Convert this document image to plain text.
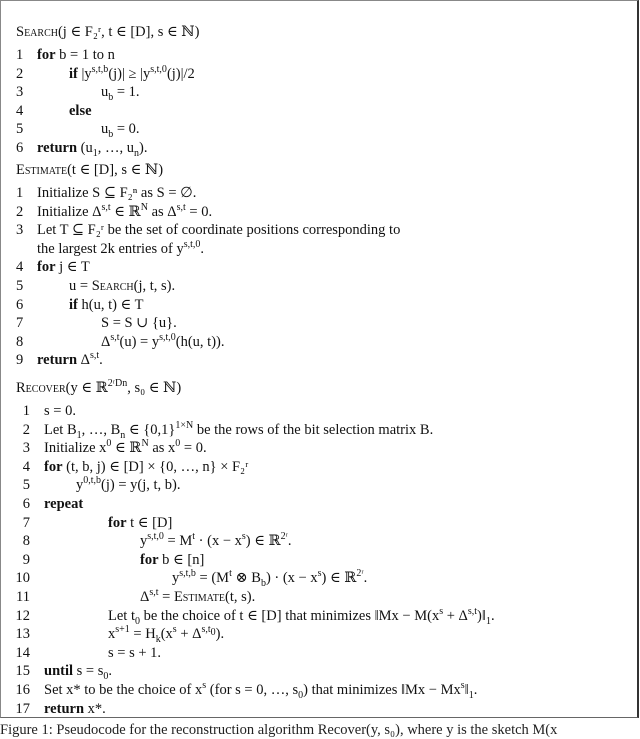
Search(j ∈ F₂ʳ, t ∈ [D], s ∈ ℕ)
1 for b = 1 to n
2	if $|y^{s,t,b}(j)| \ge |y^{s,t,0}(j)|/2$
3	$u_b = 1$.
4	else
5	$u_b = 0$.
6 return ($u_1$, …, $u_n$).
Estimate(t ∈ [D], s ∈ ℕ)
1 Initialize S ⊆ F₂ⁿ as S = ∅.
2 Initialize Δ$^{s,t}$ ∈ ℝ$^N$ as Δ$^{s,t}$ = 0.
3 Let T ⊆ F₂ʳ be the set of coordinate positions corresponding to
the largest 2k entries of $y^{s,t,0}$.
4 for j ∈ T
5	u = Search(j, t, s).
6	if h(u, t) ∈ T
7	S = S ∪ {u}.
8	$\Delta^{s,t}(u) = y^{s,t,0}(h(u$, t)).
9 return Δ$^{s,t}$.
Recover(y ∈ ℝ$^{2ʳDn}$, s₀ ∈ ℕ)
1 s = 0.
2 Let $B_1$, …, $B_n$ ∈ $\{0,1\}^{1\times N}$ be the rows of the bit selection matrix B.
3 Initialize $x^0$ ∈ ℝ$^N$ as $x^0 = 0$.
4 for (t, b, j) ∈ [D] × {0, …, n} × F₂ʳ
5	$y^{0,t,b}(j) = y(j$, t, b).
6 repeat
7	for t ∈ [D]
8	$y^{s,t,0} = M^t \cdot (x - x^s)$ ∈ ℝ$^{2ʳ}$.
9	for b ∈ [n]
10	$y^{s,t,b} = (M^t$ ⊗ $B_b) \cdot (x - x^s)$ ∈ ℝ$^{2ʳ}$.
11	Δ$^{s,t}$ = Estimate(t, s).
12	Let $t_0$ be the choice of t ∈ [D] that minimizes ‖Mx − $M(x^s$ + $\Delta^{s,t})‖_1$.
13	$x^{s+1} = H_k(x^s + \Delta^{s,t_0})$.
14	s = s + 1.
15 until $s = s_0$.
16 Set x* to be the choice of $x^s$ (for s = 0, …, $s_0$) that minimizes ‖Mx − $Mx^s‖_1$.
17 return x*.
Figure 1: Pseudocode for the reconstruction algorithm Recover(y, s₀), where y is the sketch M(x
